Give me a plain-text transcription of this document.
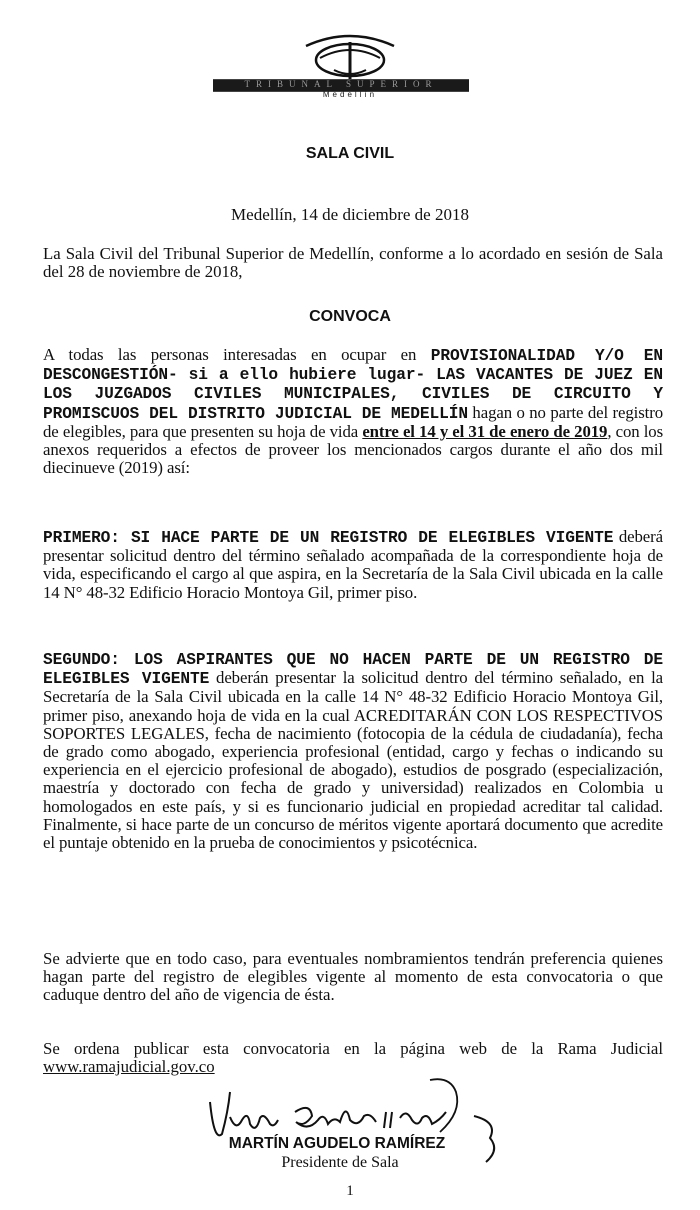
TRIBUNAL SUPERIOR
Medellín
SALA CIVIL
Medellín, 14 de diciembre de 2018
La Sala Civil del Tribunal Superior de Medellín, conforme a lo acordado en sesión de Sala del 28 de noviembre de 2018,
CONVOCA
A todas las personas interesadas en ocupar en PROVISIONALIDAD Y/O EN DESCONGESTIÓN- si a ello hubiere lugar- LAS VACANTES DE JUEZ EN LOS JUZGADOS CIVILES MUNICIPALES, CIVILES DE CIRCUITO Y PROMISCUOS DEL DISTRITO JUDICIAL DE MEDELLÍN hagan o no parte del registro de elegibles, para que presenten su hoja de vida entre el 14 y el 31 de enero de 2019, con los anexos requeridos a efectos de proveer los mencionados cargos durante el año dos mil diecinueve (2019) así:
PRIMERO: SI HACE PARTE DE UN REGISTRO DE ELEGIBLES VIGENTE deberá presentar solicitud dentro del término señalado acompañada de la correspondiente hoja de vida, especificando el cargo al que aspira, en la Secretaría de la Sala Civil ubicada en la calle 14 N° 48-32 Edificio Horacio Montoya Gil, primer piso.
SEGUNDO: LOS ASPIRANTES QUE NO HACEN PARTE DE UN REGISTRO DE ELEGIBLES VIGENTE deberán presentar la solicitud dentro del término señalado, en la Secretaría de la Sala Civil ubicada en la calle 14 N° 48-32 Edificio Horacio Montoya Gil, primer piso, anexando hoja de vida en la cual ACREDITARÁN CON LOS RESPECTIVOS SOPORTES LEGALES, fecha de nacimiento (fotocopia de la cédula de ciudadanía), fecha de grado como abogado, experiencia profesional (entidad, cargo y fechas o indicando su experiencia en el ejercicio profesional de abogado), estudios de posgrado (especialización, maestría y doctorado con fecha de grado y universidad) realizados en Colombia u homologados en este país, y si es funcionario judicial en propiedad acreditar tal calidad. Finalmente, si hace parte de un concurso de méritos vigente aportará documento que acredite el puntaje obtenido en la prueba de conocimientos y psicotécnica.
Se advierte que en todo caso, para eventuales nombramientos tendrán preferencia quienes hagan parte del registro de elegibles vigente al momento de esta convocatoria o que caduque dentro del año de vigencia de ésta.
Se ordena publicar esta convocatoria en la página web de la Rama Judicial www.ramajudicial.gov.co
MARTÍN AGUDELO RAMÍREZ
Presidente de Sala
1
